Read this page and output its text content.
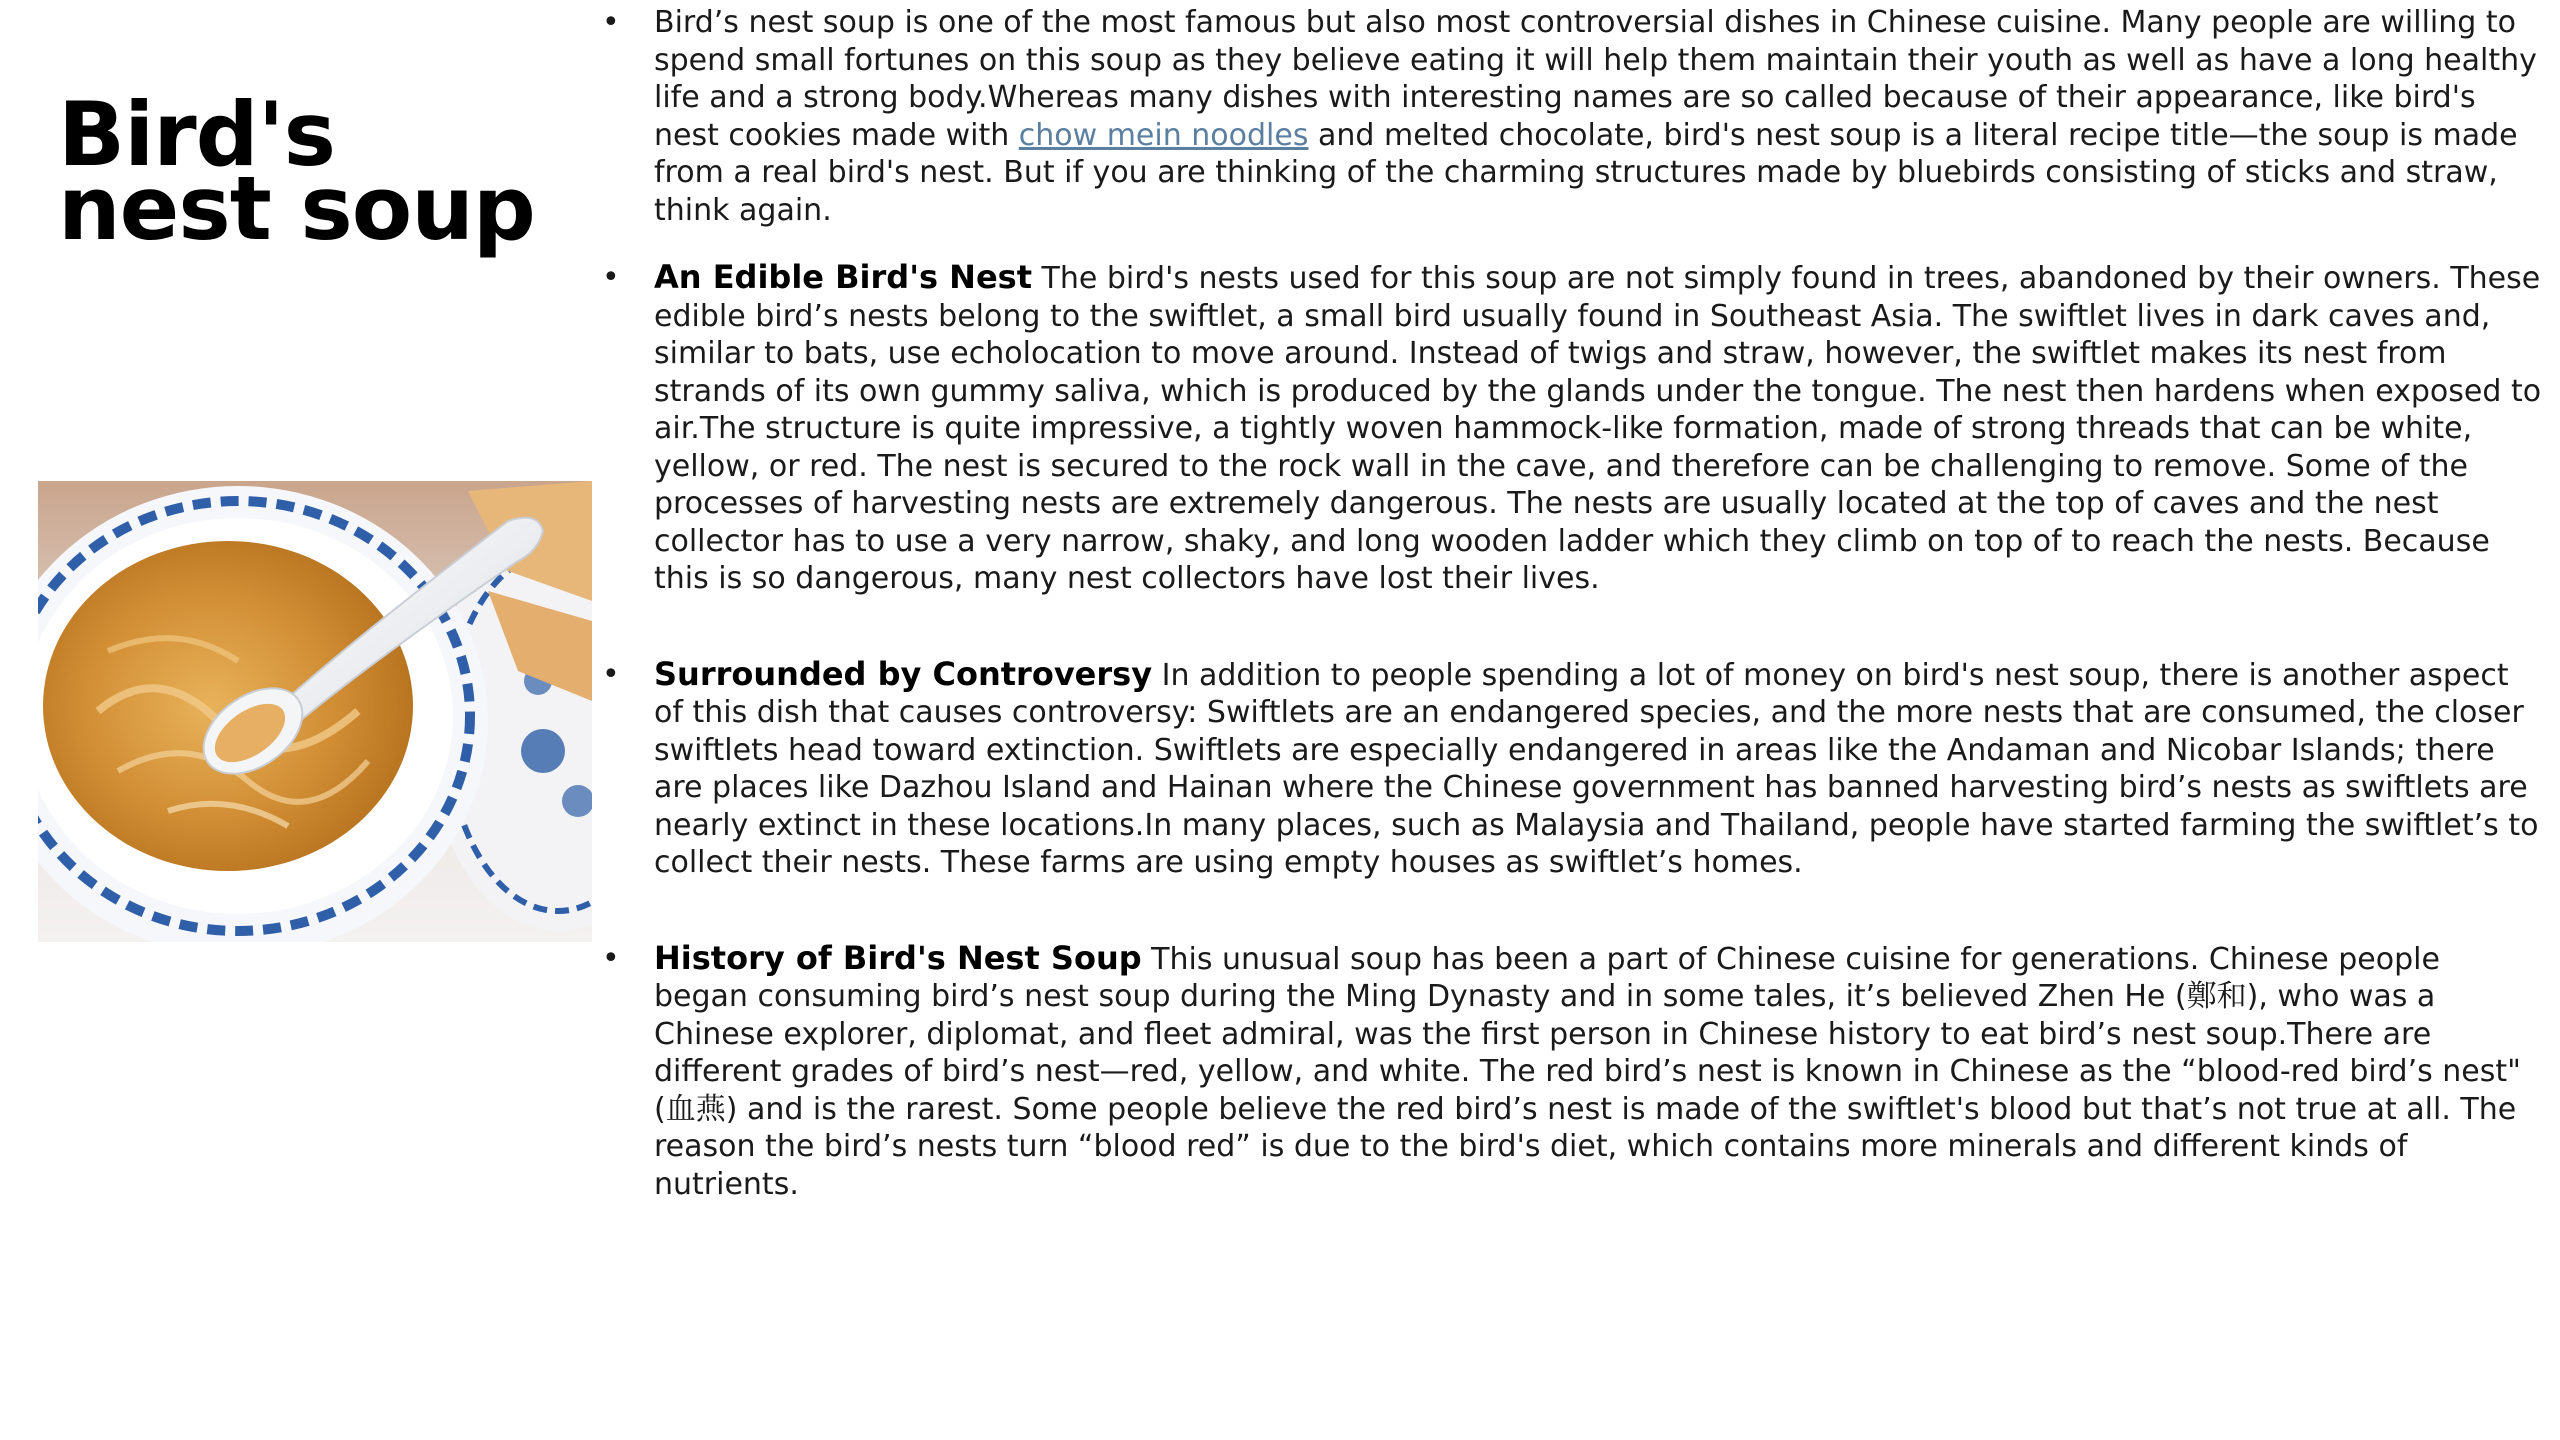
Bird's
nest soup
• Bird’s nest soup is one of the most famous but also most controversial dishes in Chinese cuisine. Many people are willing to spend small fortunes on this soup as they believe eating it will help them maintain their youth as well as have a long healthy life and a strong body.Whereas many dishes with interesting names are so called because of their appearance, like bird's nest cookies made with chow mein noodles and melted chocolate, bird's nest soup is a literal recipe title—the soup is made from a real bird's nest. But if you are thinking of the charming structures made by bluebirds consisting of sticks and straw, think again.
• An Edible Bird's Nest The bird's nests used for this soup are not simply found in trees, abandoned by their owners. These edible bird’s nests belong to the swiftlet, a small bird usually found in Southeast Asia. The swiftlet lives in dark caves and, similar to bats, use echolocation to move around. Instead of twigs and straw, however, the swiftlet makes its nest from strands of its own gummy saliva, which is produced by the glands under the tongue. The nest then hardens when exposed to air.The structure is quite impressive, a tightly woven hammock-like formation, made of strong threads that can be white, yellow, or red. The nest is secured to the rock wall in the cave, and therefore can be challenging to remove. Some of the processes of harvesting nests are extremely dangerous. The nests are usually located at the top of caves and the nest collector has to use a very narrow, shaky, and long wooden ladder which they climb on top of to reach the nests. Because this is so dangerous, many nest collectors have lost their lives.
• Surrounded by Controversy In addition to people spending a lot of money on bird's nest soup, there is another aspect of this dish that causes controversy: Swiftlets are an endangered species, and the more nests that are consumed, the closer swiftlets head toward extinction. Swiftlets are especially endangered in areas like the Andaman and Nicobar Islands; there are places like Dazhou Island and Hainan where the Chinese government has banned harvesting bird’s nests as swiftlets are nearly extinct in these locations.In many places, such as Malaysia and Thailand, people have started farming the swiftlet’s to collect their nests. These farms are using empty houses as swiftlet’s homes.
• History of Bird's Nest Soup This unusual soup has been a part of Chinese cuisine for generations. Chinese people began consuming bird’s nest soup during the Ming Dynasty and in some tales, it’s believed Zhen He (鄭和), who was a Chinese explorer, diplomat, and fleet admiral, was the first person in Chinese history to eat bird’s nest soup.There are different grades of bird’s nest—red, yellow, and white. The red bird’s nest is known in Chinese as the “blood-red bird’s nest" (血燕) and is the rarest. Some people believe the red bird’s nest is made of the swiftlet's blood but that’s not true at all. The reason the bird’s nests turn “blood red” is due to the bird's diet, which contains more minerals and different kinds of nutrients.
